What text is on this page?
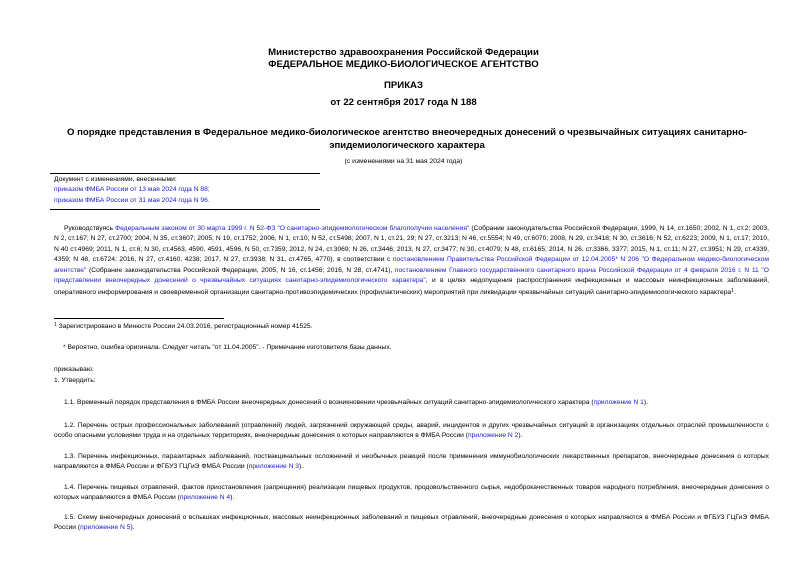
Министерство здравоохранения Российской Федерации
ФЕДЕРАЛЬНОЕ МЕДИКО-БИОЛОГИЧЕСКОЕ АГЕНТСТВО
ПРИКАЗ
от 22 сентября 2017 года N 188
О порядке представления в Федеральное медико-биологическое агентство внеочередных донесений о чрезвычайных ситуациях санитарно-эпидемиологического характера
(с изменениями на 31 мая 2024 года)
Документ с изменениями, внесенными:
приказом ФМБА России от 13 мая 2024 года N 88;
приказом ФМБА России от 31 мая 2024 года N 96.
Руководствуясь Федеральным законом от 30 марта 1999 г. N 52-ФЗ "О санитарно-эпидемиологическом благополучии населения" (Собрание законодательства Российской Федерации, 1999, N 14, ст.1650; 2002, N 1, ст.2; 2003, N 2, ст.167; N 27, ст.2700; 2004, N 35, ст.3607; 2005, N 19, ст.1752; 2006, N 1, ст.10; N 52, ст.5498; 2007, N 1, ст.21, 29; N 27, ст.3213; N 46, ст.5554; N 49, ст.6070; 2008, N 29, ст.3418; N 30, ст.3616; N 52, ст.6223; 2009, N 1, ст.17; 2010, N 40 ст.4969; 2011, N 1, ст.6; N 30, ст.4563, 4590, 4591, 4596, N 50, ст.7359; 2012, N 24, ст.3069; N 26, ст.3446; 2013, N 27, ст.3477; N 30, ст.4079; N 48, ст.6165; 2014, N 26, ст.3366, 3377; 2015, N 1, ст.11; N 27, ст.3951; N 29, ст.4339, 4359; N 48, ст.6724; 2016, N 27, ст.4160, 4238; 2017, N 27, ст.3938; N 31, ст.4765, 4770), в соответствии с постановлением Правительства Российской Федерации от 12.04.2005* N 206 "О Федеральном медико-биологическом агентстве" (Собрание законодательства Российской Федерации, 2005, N 16, ст.1456; 2016, N 28, ст.4741), постановлением Главного государственного санитарного врача Российской Федерации от 4 февраля 2016 г. N 11 "О представлении внеочередных донесений о чрезвычайных ситуациях санитарно-эпидемиологического характера", и в целях недопущения распространения инфекционных и массовых неинфекционных заболеваний, оперативного информирования и своевременной организации санитарно-противоэпидемических (профилактических) мероприятий при ликвидации чрезвычайных ситуаций санитарно-эпидемиологического характера$^1$.
$^1$ Зарегистрировано в Минюсте России 24.03.2016, регистрационный номер 41525.
* Вероятно, ошибка оригинала. Следует читать "от 11.04.2005". - Примечание изготовителя базы данных.
приказываю:
1. Утвердить:
1.1. Временный порядок представления в ФМБА России внеочередных донесений о возникновении чрезвычайных ситуаций санитарно-эпидемиологического характера (приложение N 1).
1.2. Перечень острых профессиональных заболеваний (отравлений) людей, загрязнений окружающей среды, аварий, инцидентов и других чрезвычайных ситуаций в организациях отдельных отраслей промышленности с особо опасными условиями труда и на отдельных территориях, внеочередные донесения о которых направляются в ФМБА России (приложение N 2).
1.3. Перечень инфекционных, паразитарных заболеваний, поствакцинальных осложнений и необычных реакций после применения иммунобиологических лекарственных препаратов, внеочередные донесения о которых направляются в ФМБА России и ФГБУЗ ГЦГиЭ ФМБА России (приложение N 3).
1.4. Перечень пищевых отравлений, фактов приостановления (запрещения) реализации пищевых продуктов, продовольственного сырья, недоброкачественных товаров народного потребления, внеочередные донесения о которых направляются в ФМБА России (приложение N 4).
1.5. Схему внеочередных донесений о вспышках инфекционных, массовых неинфекционных заболеваний и пищевых отравлений, внеочередные донесения о которых направляются в ФМБА России и ФГБУЗ ГЦГиЭ ФМБА России (приложение N 5).
